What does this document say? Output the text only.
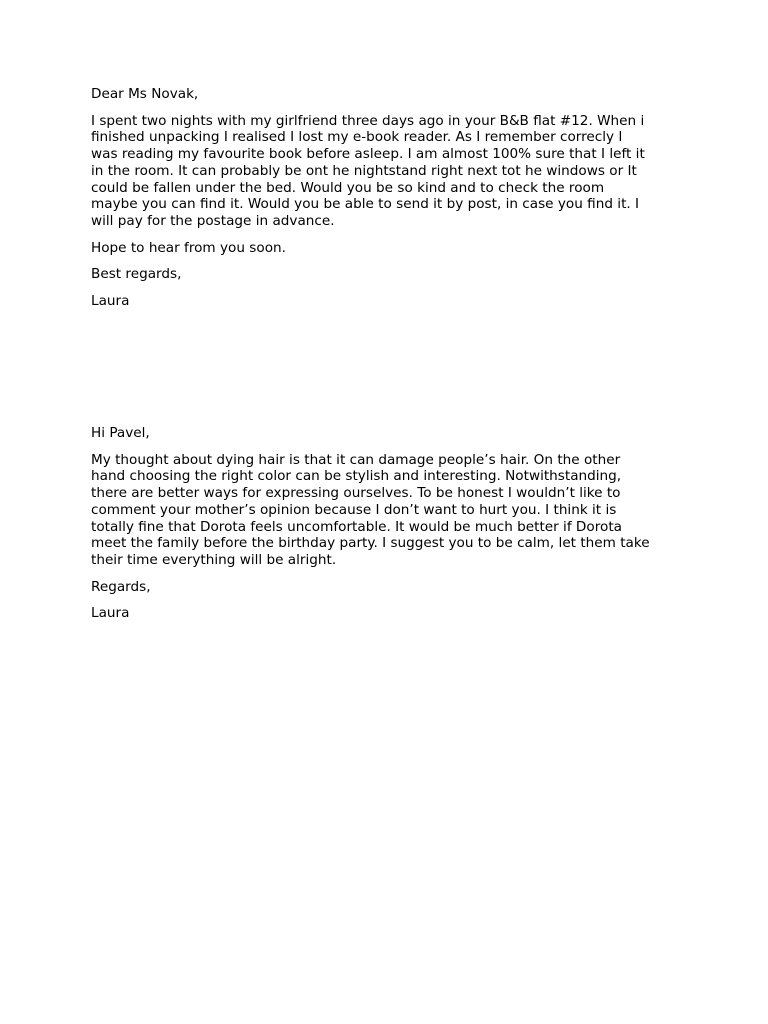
Dear Ms Novak,

I spent two nights with my girlfriend three days ago in your B&B flat #12. When i
finished unpacking I realised I lost my e-book reader. As I remember correcly I
was reading my favourite book before asleep. I am almost 100% sure that I left it
in the room. It can probably be ont he nightstand right next tot he windows or It
could be fallen under the bed. Would you be so kind and to check the room
maybe you can find it. Would you be able to send it by post, in case you find it. I
will pay for the postage in advance.

Hope to hear from you soon.

Best regards,

Laura

Hi Pavel,

My thought about dying hair is that it can damage people’s hair. On the other
hand choosing the right color can be stylish and interesting. Notwithstanding,
there are better ways for expressing ourselves. To be honest I wouldn’t like to
comment your mother’s opinion because I don’t want to hurt you. I think it is
totally fine that Dorota feels uncomfortable. It would be much better if Dorota
meet the family before the birthday party. I suggest you to be calm, let them take
their time everything will be alright.

Regards,

Laura
